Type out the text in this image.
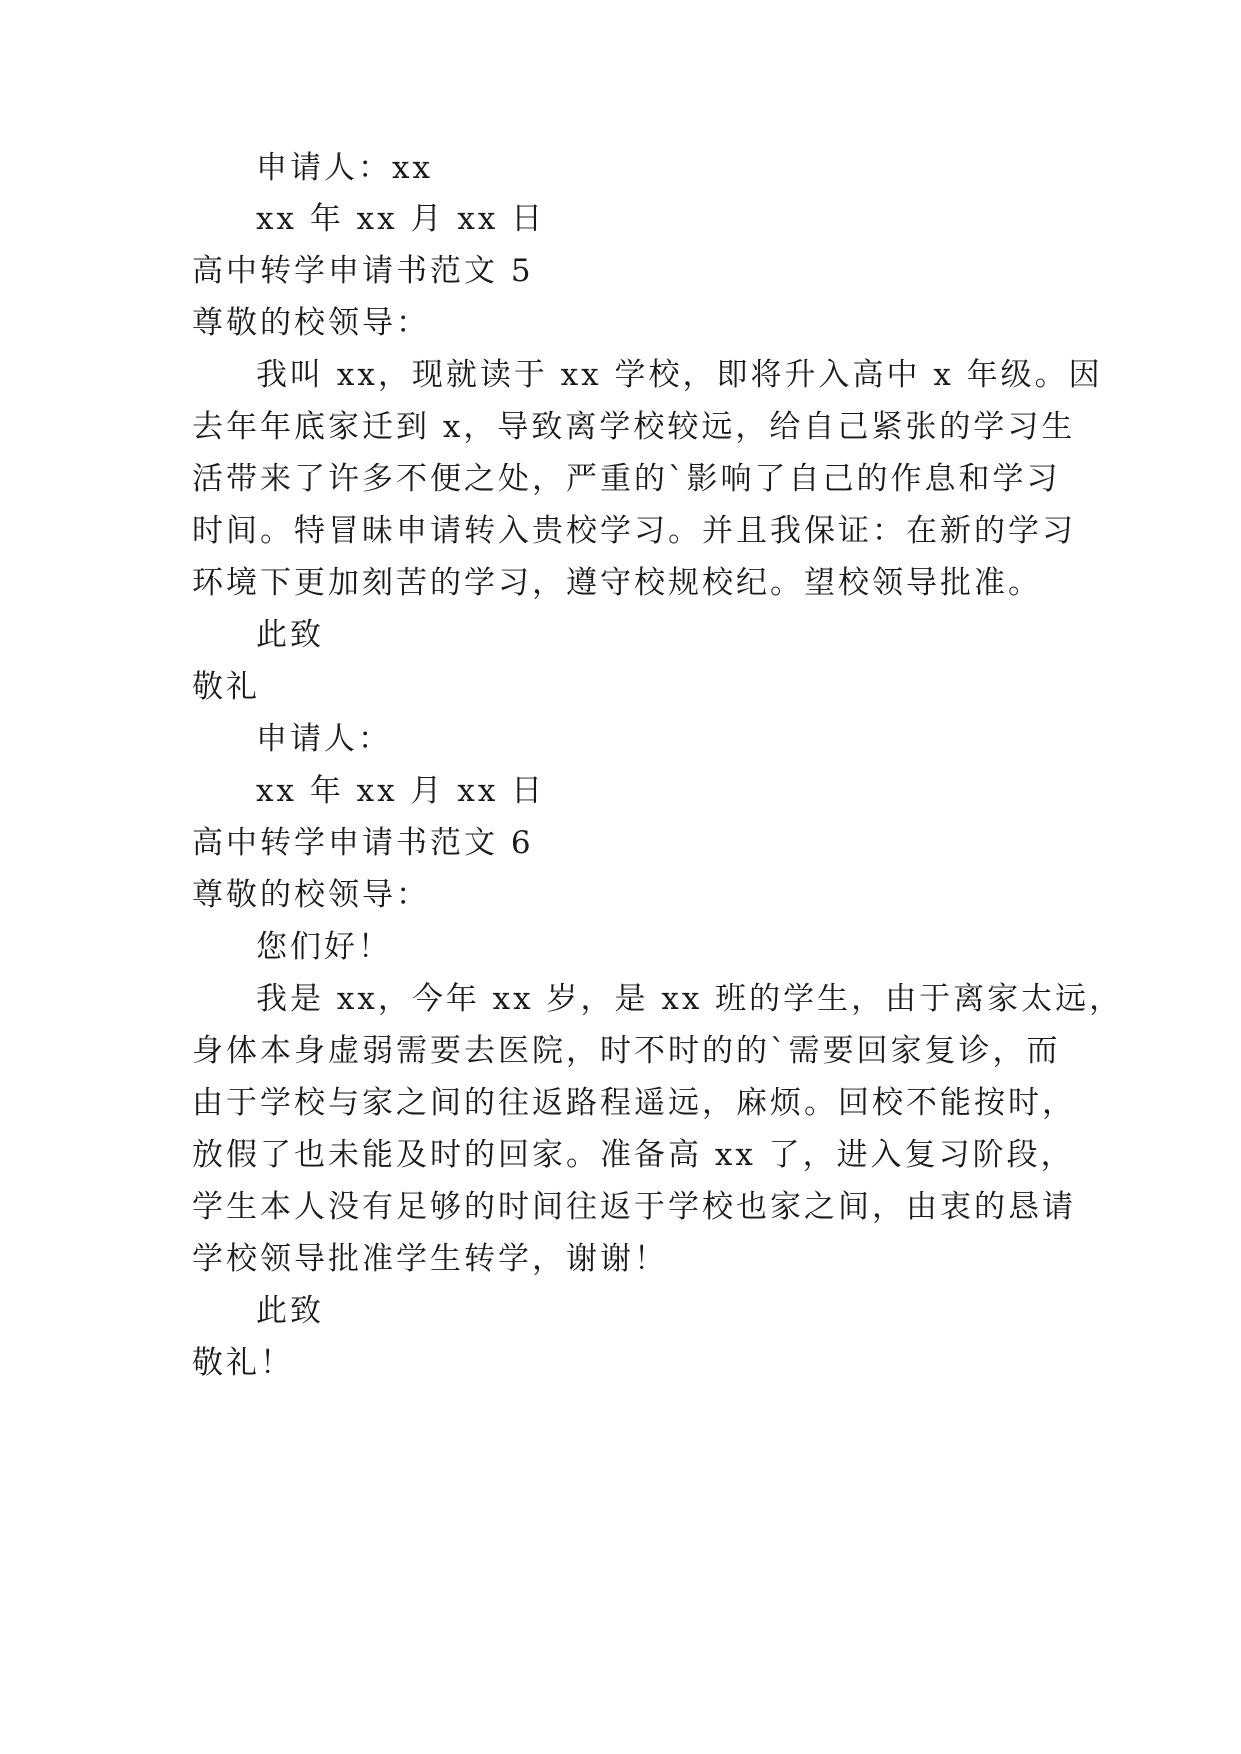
申请人：xx
xx 年 xx 月 xx 日
高中转学申请书范文 5
尊敬的校领导：
我叫 xx，现就读于 xx 学校，即将升入高中 x 年级。因
去年年底家迁到 x，导致离学校较远，给自己紧张的学习生
活带来了许多不便之处，严重的`影响了自己的作息和学习
时间。特冒昧申请转入贵校学习。并且我保证：在新的学习
环境下更加刻苦的学习，遵守校规校纪。望校领导批准。
此致
敬礼
申请人：
xx 年 xx 月 xx 日
高中转学申请书范文 6
尊敬的校领导：
您们好！
我是 xx，今年 xx 岁，是 xx 班的学生，由于离家太远，
身体本身虚弱需要去医院，时不时的的`需要回家复诊，而
由于学校与家之间的往返路程遥远，麻烦。回校不能按时，
放假了也未能及时的回家。准备高 xx 了，进入复习阶段，
学生本人没有足够的时间往返于学校也家之间，由衷的恳请
学校领导批准学生转学，谢谢！
此致
敬礼！
